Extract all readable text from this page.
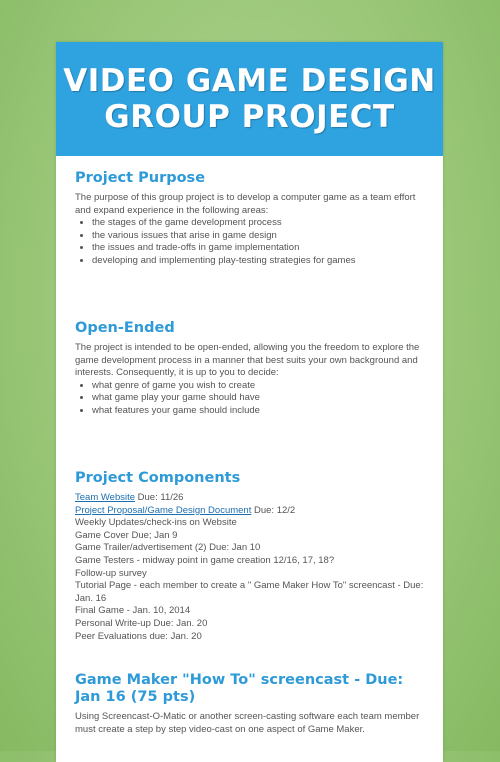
VIDEO GAME DESIGN GROUP PROJECT
Project Purpose

The purpose of this group project is to develop a computer game as a team effort and expand experience in the following areas:

• the stages of the game development process
• the various issues that arise in game design
• the issues and trade-offs in game implementation
• developing and implementing play-testing strategies for games
Open-Ended

The project is intended to be open-ended, allowing you the freedom to explore the game development process in a manner that best suits your own background and interests. Consequently, it is up to you to decide:

• what genre of game you wish to create
• what game play your game should have
• what features your game should include
Project Components
Team Website Due: 11/26
Project Proposal/Game Design Document Due: 12/2
Weekly Updates/check-ins on Website
Game Cover Due; Jan 9
Game Trailer/advertisement (2) Due: Jan 10
Game Testers - midway point in game creation 12/16, 17, 18?
Follow-up survey
Tutorial Page - each member to create a " Game Maker How To" screencast - Due: Jan. 16
Final Game - Jan. 10, 2014
Personal Write-up Due: Jan. 20
Peer Evaluations due: Jan. 20
Game Maker "How To" screencast - Due: Jan 16 (75 pts)

Using Screencast-O-Matic or another screen-casting software each team member must create a step by step video-cast on one aspect of Game Maker.
